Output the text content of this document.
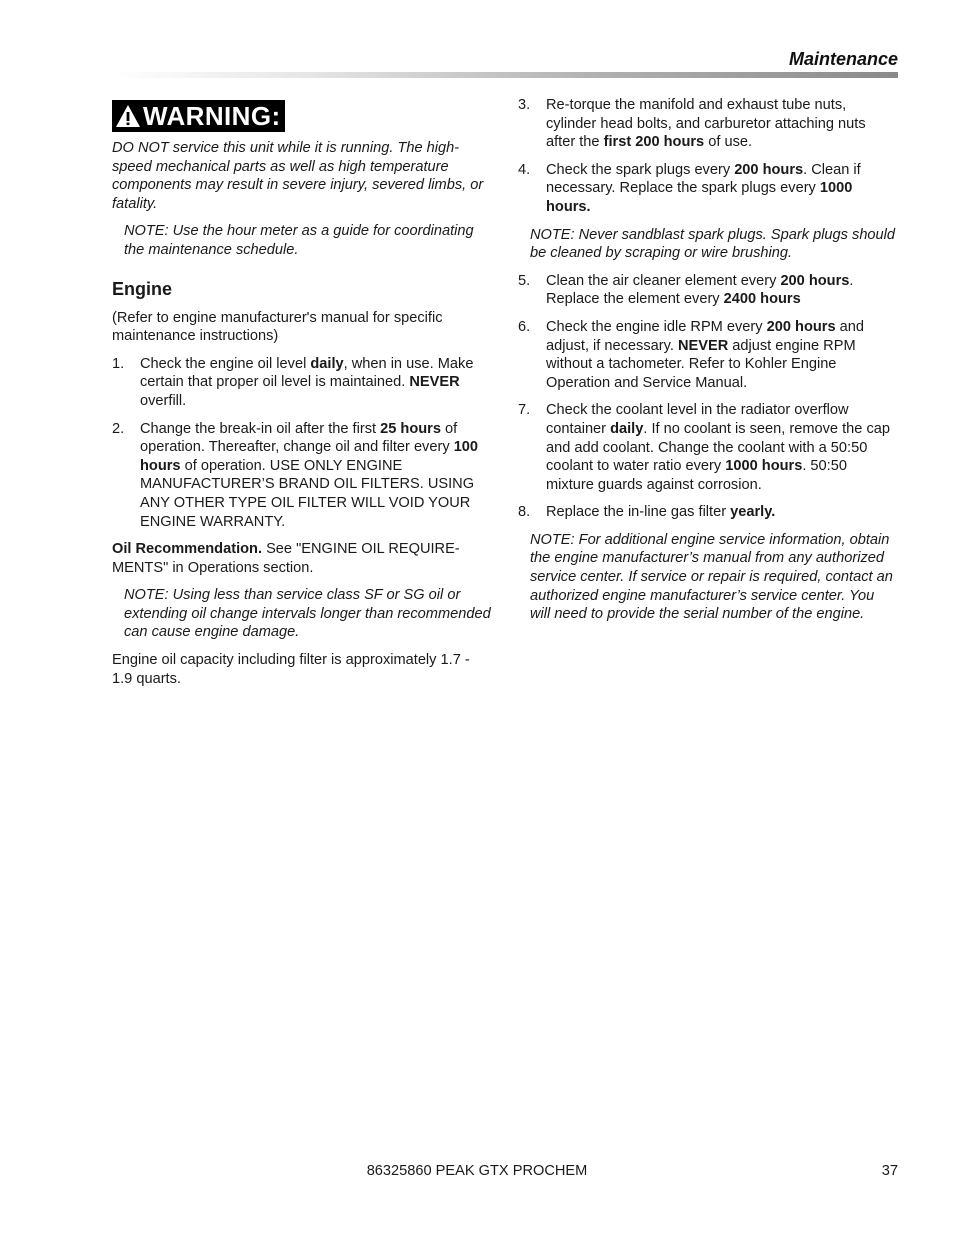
Maintenance
WARNING:

DO NOT service this unit while it is running. The high-speed mechanical parts as well as high temperature components may result in severe injury, severed limbs, or fatality.

NOTE: Use the hour meter as a guide for coordinating the maintenance schedule.

Engine

(Refer to engine manufacturer's manual for specific maintenance instructions)

1. Check the engine oil level daily, when in use. Make certain that proper oil level is maintained. NEVER overfill.
2. Change the break-in oil after the first 25 hours of operation. Thereafter, change oil and filter every 100 hours of operation. USE ONLY ENGINE MANUFACTURER’S BRAND OIL FILTERS. USING ANY OTHER TYPE OIL FILTER WILL VOID YOUR ENGINE WARRANTY.

Oil Recommendation. See "ENGINE OIL REQUIRE-MENTS" in Operations section.

NOTE: Using less than service class SF or SG oil or extending oil change intervals longer than recommended can cause engine damage.

Engine oil capacity including filter is approximately 1.7 - 1.9 quarts.

3. Re-torque the manifold and exhaust tube nuts, cylinder head bolts, and carburetor attaching nuts after the first 200 hours of use.
4. Check the spark plugs every 200 hours. Clean if necessary. Replace the spark plugs every 1000 hours.

NOTE: Never sandblast spark plugs. Spark plugs should be cleaned by scraping or wire brushing.

5. Clean the air cleaner element every 200 hours. Replace the element every 2400 hours
6. Check the engine idle RPM every 200 hours and adjust, if necessary. NEVER adjust engine RPM without a tachometer. Refer to Kohler Engine Operation and Service Manual.
7. Check the coolant level in the radiator overflow container daily. If no coolant is seen, remove the cap and add coolant. Change the coolant with a 50:50 coolant to water ratio every 1000 hours. 50:50 mixture guards against corrosion.
8. Replace the in-line gas filter yearly.

NOTE: For additional engine service information, obtain the engine manufacturer’s manual from any authorized service center. If service or repair is required, contact an authorized engine manufacturer’s service center. You will need to provide the serial number of the engine.

86325860 PEAK GTX PROCHEM	37
